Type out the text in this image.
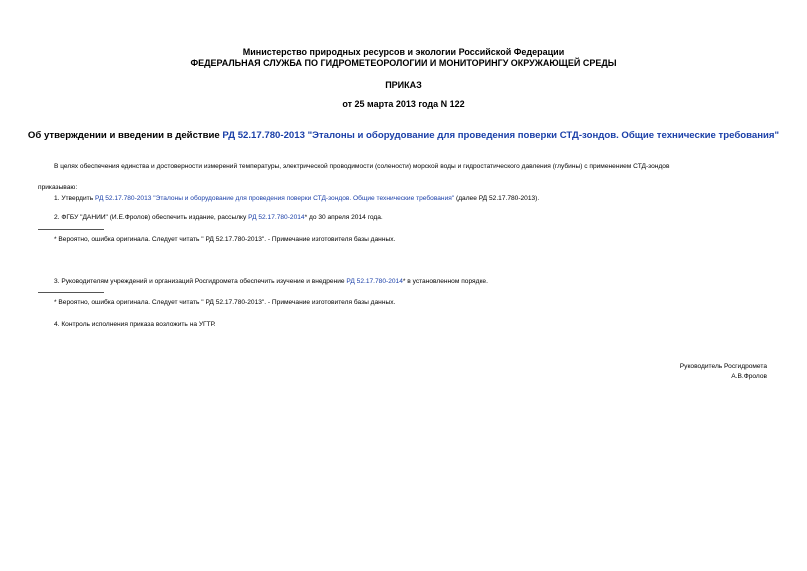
Министерство природных ресурсов и экологии Российской Федерации
ФЕДЕРАЛЬНАЯ СЛУЖБА ПО ГИДРОМЕТЕОРОЛОГИИ И МОНИТОРИНГУ ОКРУЖАЮЩЕЙ СРЕДЫ
ПРИКАЗ
от 25 марта 2013 года N 122
Об утверждении и введении в действие РД 52.17.780-2013 "Эталоны и оборудование для проведения поверки СТД-зондов. Общие технические требования"
В целях обеспечения единства и достоверности измерений температуры, электрической проводимости (солености) морской воды и гидростатического давления (глубины) с применением СТД-зондов
приказываю:
1. Утвердить РД 52.17.780-2013 "Эталоны и оборудование для проведения поверки СТД-зондов. Общие технические требования" (далее РД 52.17.780-2013).
2. ФГБУ "ДАНИИ" (И.Е.Фролов) обеспечить издание, рассылку РД 52.17.780-2014* до 30 апреля 2014 года.
* Вероятно, ошибка оригинала. Следует читать " РД 52.17.780-2013". - Примечание изготовителя базы данных.
3. Руководителям учреждений и организаций Росгидромета обеспечить изучение и внедрение РД 52.17.780-2014* в установленном порядке.
* Вероятно, ошибка оригинала. Следует читать " РД 52.17.780-2013". - Примечание изготовителя базы данных.
4. Контроль исполнения приказа возложить на УГТР.
Руководитель Росгидромета
А.В.Фролов
